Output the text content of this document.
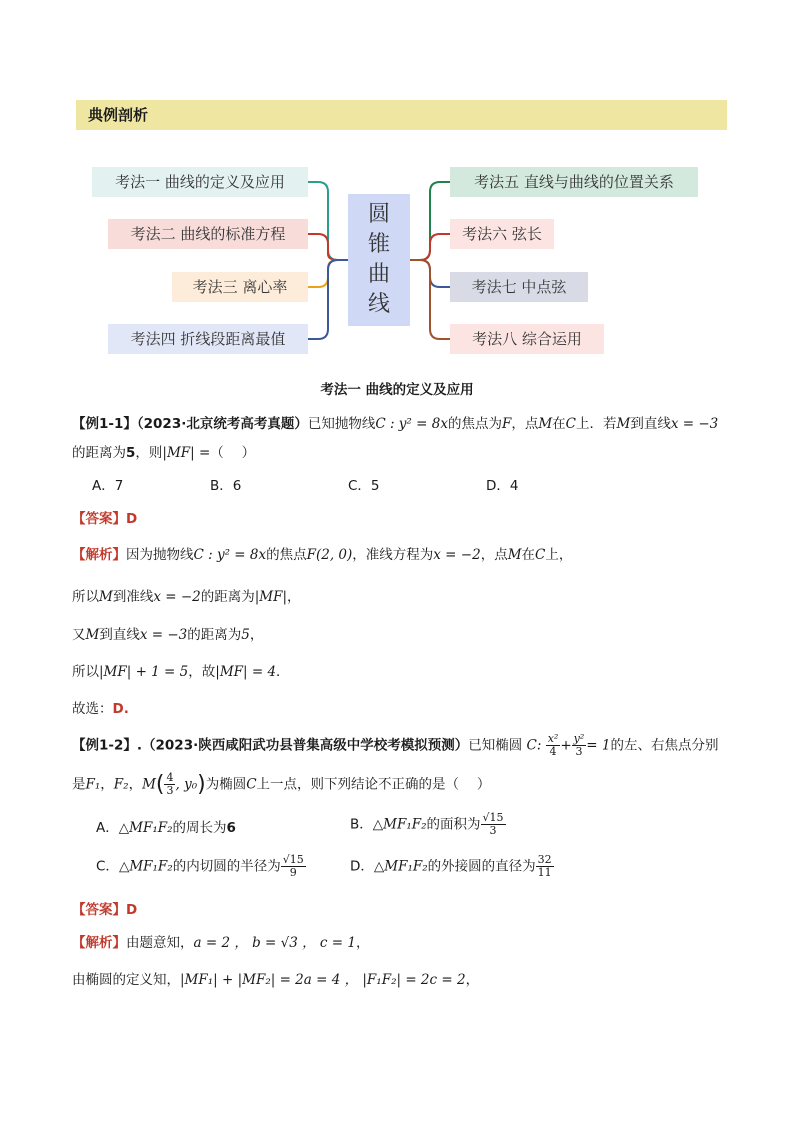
典例剖析
考法一 曲线的定义及应用
考法二 曲线的标准方程
考法三 离心率
考法四 折线段距离最值
圆
锥
曲
线
考法五 直线与曲线的位置关系
考法六 弦长
考法七 中点弦
考法八 综合运用
考法一 曲线的定义及应用
【例1-1】（2023·北京统考高考真题）已知抛物线C : y² = 8x的焦点为F，点M在C上．若M到直线x = −3
的距离为5，则|MF| =（　 ）
A．7	B．6	C．5	D．4
【答案】D
【解析】因为抛物线C : y² = 8x的焦点F(2, 0)，准线方程为x = −2，点M在C上，
所以M到准线x = −2的距离为|MF|，
又M到直线x = −3的距离为5，
所以|MF| + 1 = 5，故|MF| = 4．
故选：D.
【例1-2】.（2023·陕西咸阳武功县普集高级中学校考模拟预测）已知椭圆 C: $\frac{\text{x²}}{4} + \frac{\text{y²}}{3} = 1$的左、右焦点分别
是F₁，F₂，$M( \frac{4}{3}$ , y₀)为椭圆C上一点，则下列结论不正确的是（　 ）
A．△MF₁F₂的周长为6	B．△MF₁F₂的面积为 $\frac{√15}{3}$
C．△MF₁F₂的内切圆的半径为 $\frac{√15}{9}$	D．△MF₁F₂的外接圆的直径为 $\frac{32}{11}$
【答案】D
【解析】由题意知，a = 2 ， b = √3 ， c = 1，
由椭圆的定义知，|MF₁| + |MF₂| = 2a = 4 ， |F₁F₂| = 2c = 2，
